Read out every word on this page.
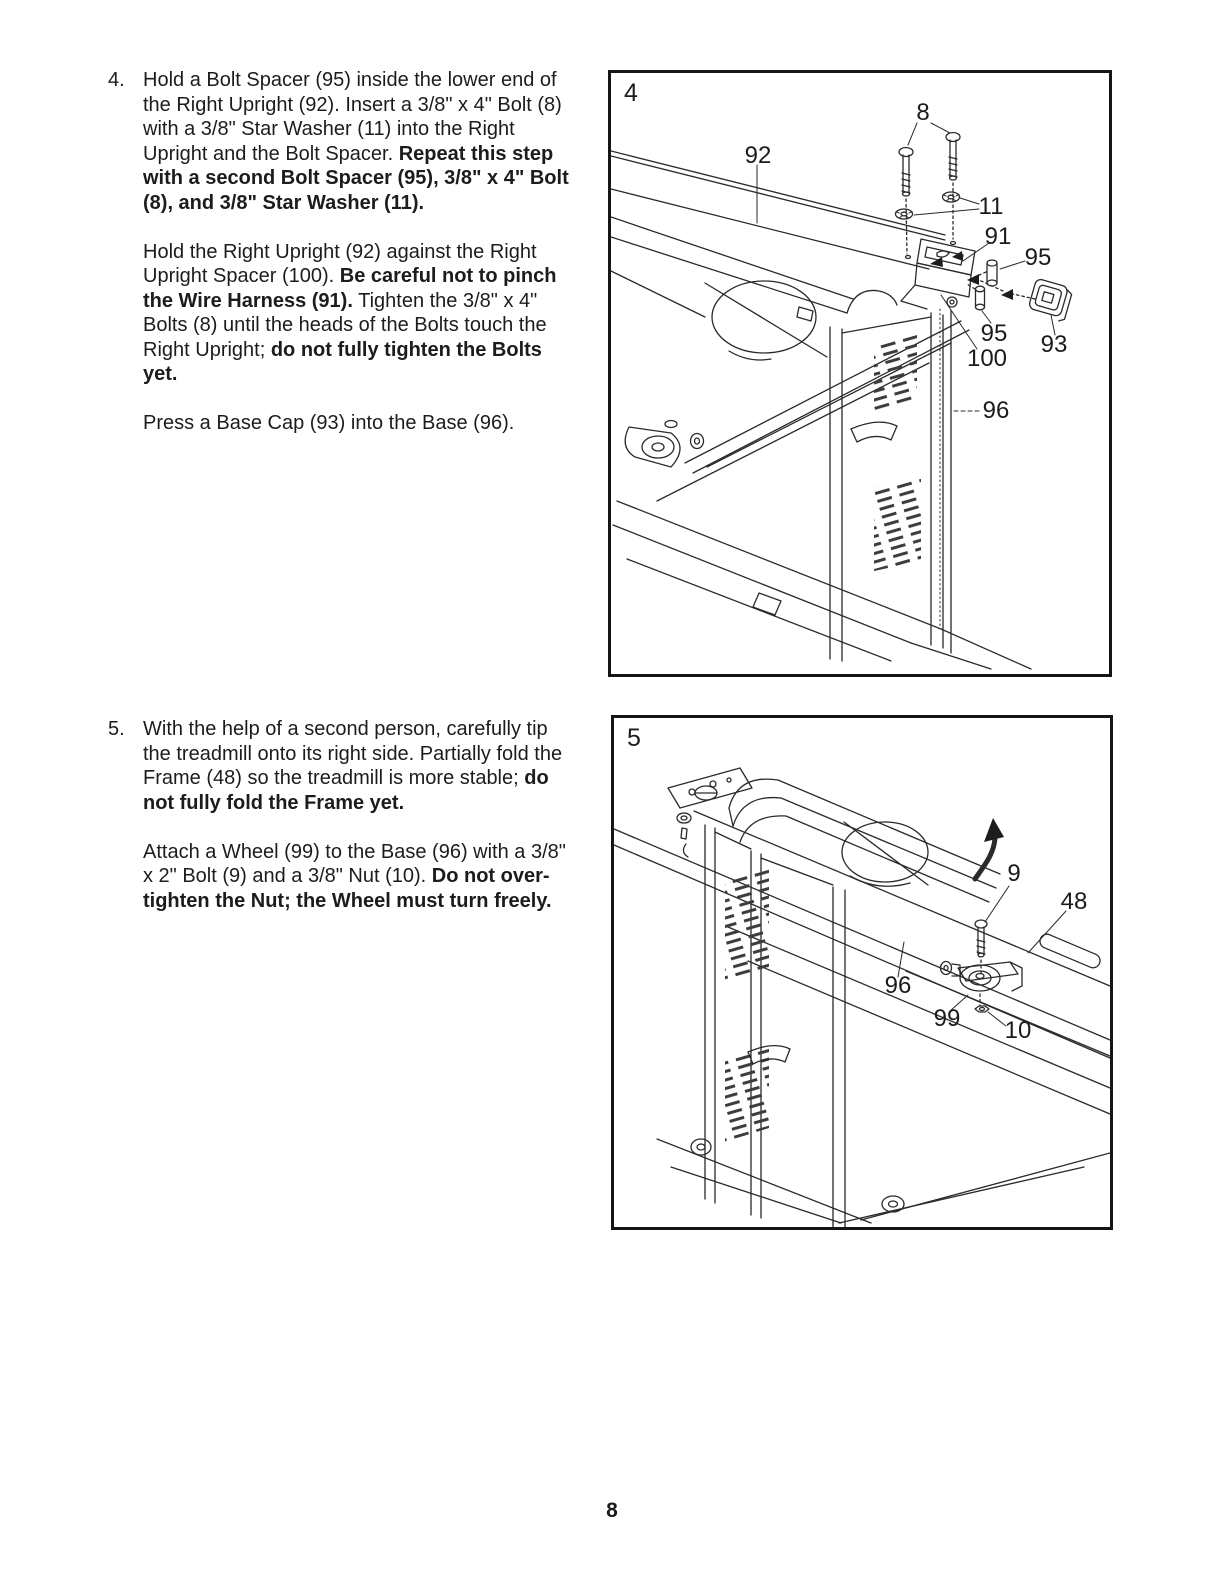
4. Hold a Bolt Spacer (95) inside the lower end of the Right Upright (92). Insert a 3/8" x 4" Bolt (8) with a 3/8" Star Washer (11) into the Right Upright and the Bolt Spacer. Repeat this step with a second Bolt Spacer (95), 3/8" x 4" Bolt (8), and 3/8" Star Washer (11).

Hold the Right Upright (92) against the Right Upright Spacer (100). Be careful not to pinch the Wire Harness (91). Tighten the 3/8" x 4" Bolts (8) until the heads of the Bolts touch the Right Upright; do not fully tighten the Bolts yet.

Press a Base Cap (93) into the Base (96).

5. With the help of a second person, carefully tip the treadmill onto its right side. Partially fold the Frame (48) so the treadmill is more stable; do not fully fold the Frame yet.

Attach a Wheel (99) to the Base (96) with a 3/8" x 2" Bolt (9) and a 3/8" Nut (10). Do not over-tighten the Nut; the Wheel must turn freely.

4
8
92
11
91
95
95 93
100
96
5
9
48
96
99 10
8
